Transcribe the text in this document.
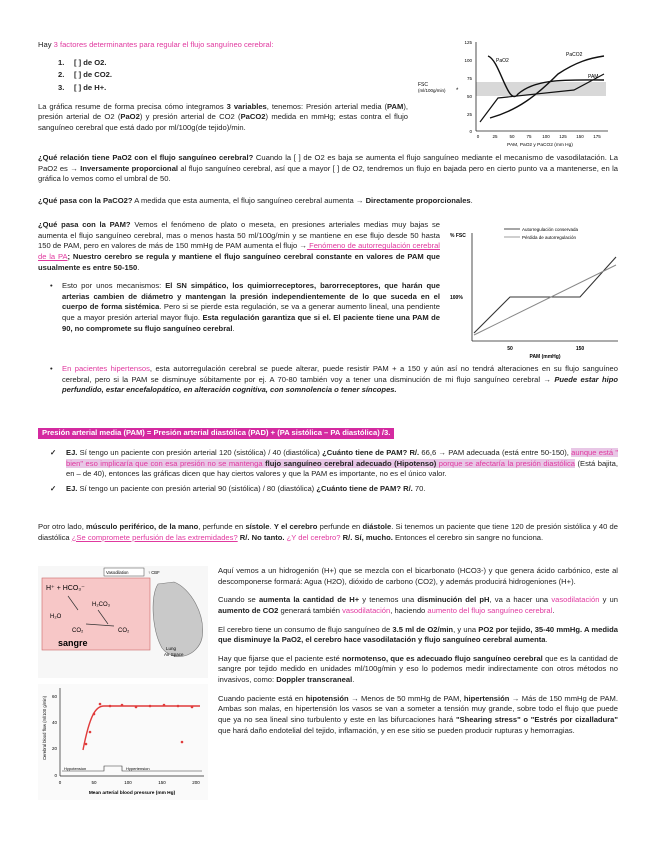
Hay 3 factores determinantes para regular el flujo sanguíneo cerebral:

1. [ ] de O2.
2. [ ] de CO2.
3. [ ] de H+.

La gráfica resume de forma precisa cómo integramos 3 variables, tenemos: Presión arterial media (PAM), presión arterial de O2 (PaO2) y presión arterial de CO2 (PaCO2) medida en mmHg; estas contra el flujo sanguíneo cerebral que está dado por ml/100g(de tejido)/min.

FSC
(ml/100g/min)
125
100
75
50
25
0
0	25	50	75 100 125 150 175
PAM, PaO2 y PaCO2 (mm Hg)
PaO2
PaCO2
PAM
*

¿Qué relación tiene PaO2 con el flujo sanguíneo cerebral? Cuando la [ ] de O2 es baja se aumenta el flujo sanguíneo mediante el mecanismo de vasodilatación. La PaO2 es → Inversamente proporcional al flujo sanguíneo cerebral, así que a mayor [ ] de O2, tendremos un flujo en bajada pero en cierto punto va a mantenerse, en la gráfica lo vemos como el umbral de 50.

¿Qué pasa con la PaCO2? A medida que esta aumenta, el flujo sanguíneo cerebral aumenta → Directamente proporcionales.

¿Qué pasa con la PAM? Vemos el fenómeno de plato o meseta, en presiones arteriales medias muy bajas se aumenta el flujo sanguíneo cerebral, mas o menos hasta 50 ml/100g/min y se mantiene en ese flujo desde 50 hasta 150 de PAM, pero en valores de más de 150 mmHg de PAM aumenta el flujo → Fenómeno de autorregulación cerebral de la PA; Nuestro cerebro se regula y mantiene el flujo sanguíneo cerebral constante en valores de PAM que usualmente es entre 50-150.

• Esto por unos mecanismos: El SN simpático, los quimiorreceptores, barorreceptores, que harán que arterias cambien de diámetro y mantengan la presión independientemente de lo que suceda en el cuerpo de forma sistémica. Pero si se pierde esta regulación, se va a generar aumento lineal, una pendiente que a mayor presión arterial mayor flujo. Esta regulación garantiza que si el. El paciente tiene una PAM de 90, no compromete su flujo sanguíneo cerebral.
• En pacientes hipertensos, esta autorregulación cerebral se puede alterar, puede resistir PAM + a 150 y aún así no tendrá alteraciones en su flujo sanguíneo cerebral, pero si la PAM se disminuye súbitamente por ej. A 70-80 también voy a tener una disminución de mi flujo sanguíneo cerebral → Puede estar hipo perfundido, estar encefalopático, en alteración cognitiva, con somnolencia o tener síncopes.
% FSC
Autorregulación conservada
Pérdida de autorregulación
100%
50	150
PAM (mmHg)
Presión arterial media (PAM) = Presión arterial diastólica (PAD) + (PA sistólica – PA diastólica) /3.

✓ EJ. Sí tengo un paciente con presión arterial 120 (sistólica) / 40 (diastólica) ¿Cuánto tiene de PAM? R/. 66,6 → PAM adecuada (está entre 50-150), aunque está " bien" eso implicaría que con esa presión no se mantenga flujo sanguíneo cerebral adecuado (Hipotenso) porque se afectaría la presión diastólica (Está bajita, en – de 40), entonces las gráficas dicen que hay ciertos valores y que la PAM es importante, no es el único valor.

✓ EJ. Sí tengo un paciente con presión arterial 90 (sistólica) / 80 (diastólica) ¿Cuánto tiene de PAM? R/. 70.

Por otro lado, músculo periférico, de la mano, perfunde en sístole. Y el cerebro perfunde en diástole. Si tenemos un paciente que tiene 120 de presión sistólica y 40 de diastólica ¿Se compromete perfusión de las extremidades? R/. No tanto. ¿Y del cerebro? R/. Sí, mucho. Entonces el cerebro sin sangre no funciona.

Vasodilation	↑ CBF
H⁺ + HCO₃⁻
H₂CO₃
H₂O
CO₂	CO₂
sangre
Lung
Air Space
Cerebral blood flow (ml/100 g/min) 60
40
20
0
0	50	100	150	200
Mean arterial blood pressure (mm Hg)
Hypotension	Hypertension

Aquí vemos a un hidrogenión (H+) que se mezcla con el bicarbonato (HCO3-) y que genera ácido carbónico, este al descomponerse formará: Agua (H2O), dióxido de carbono (CO2), y además producirá hidrogeniones (H+).

Cuando se aumenta la cantidad de H+ y tenemos una disminución del pH, va a hacer una vasodilatación y un aumento de CO2 generará también vasodilatación, haciendo aumento del flujo sanguíneo cerebral.

El cerebro tiene un consumo de flujo sanguíneo de 3.5 ml de O2/min, y una PO2 por tejido, 35-40 mmHg. A medida que disminuye la PaO2, el cerebro hace vasodilatación y flujo sanguíneo cerebral aumenta.

Hay que fijarse que el paciente esté normotenso, que es adecuado flujo sanguíneo cerebral que es la cantidad de sangre por tejido medido en unidades ml/100g/min y eso lo podemos medir indirectamente con otros métodos no invasivos, como: Doppler transcraneal.

Cuando paciente está en hipotensión → Menos de 50 mmHg de PAM, hipertensión → Más de 150 mmHg de PAM. Ambas son malas, en hipertensión los vasos se van a someter a tensión muy grande, sobre todo el flujo que puede que ya no sea lineal sino turbulento y este en las bifurcaciones hará "Shearing stress" o "Estrés por cizalladura" que hará daño endotelial del tejido, inflamación, y en ese sitio se pueden producir rupturas y hemorragias.
